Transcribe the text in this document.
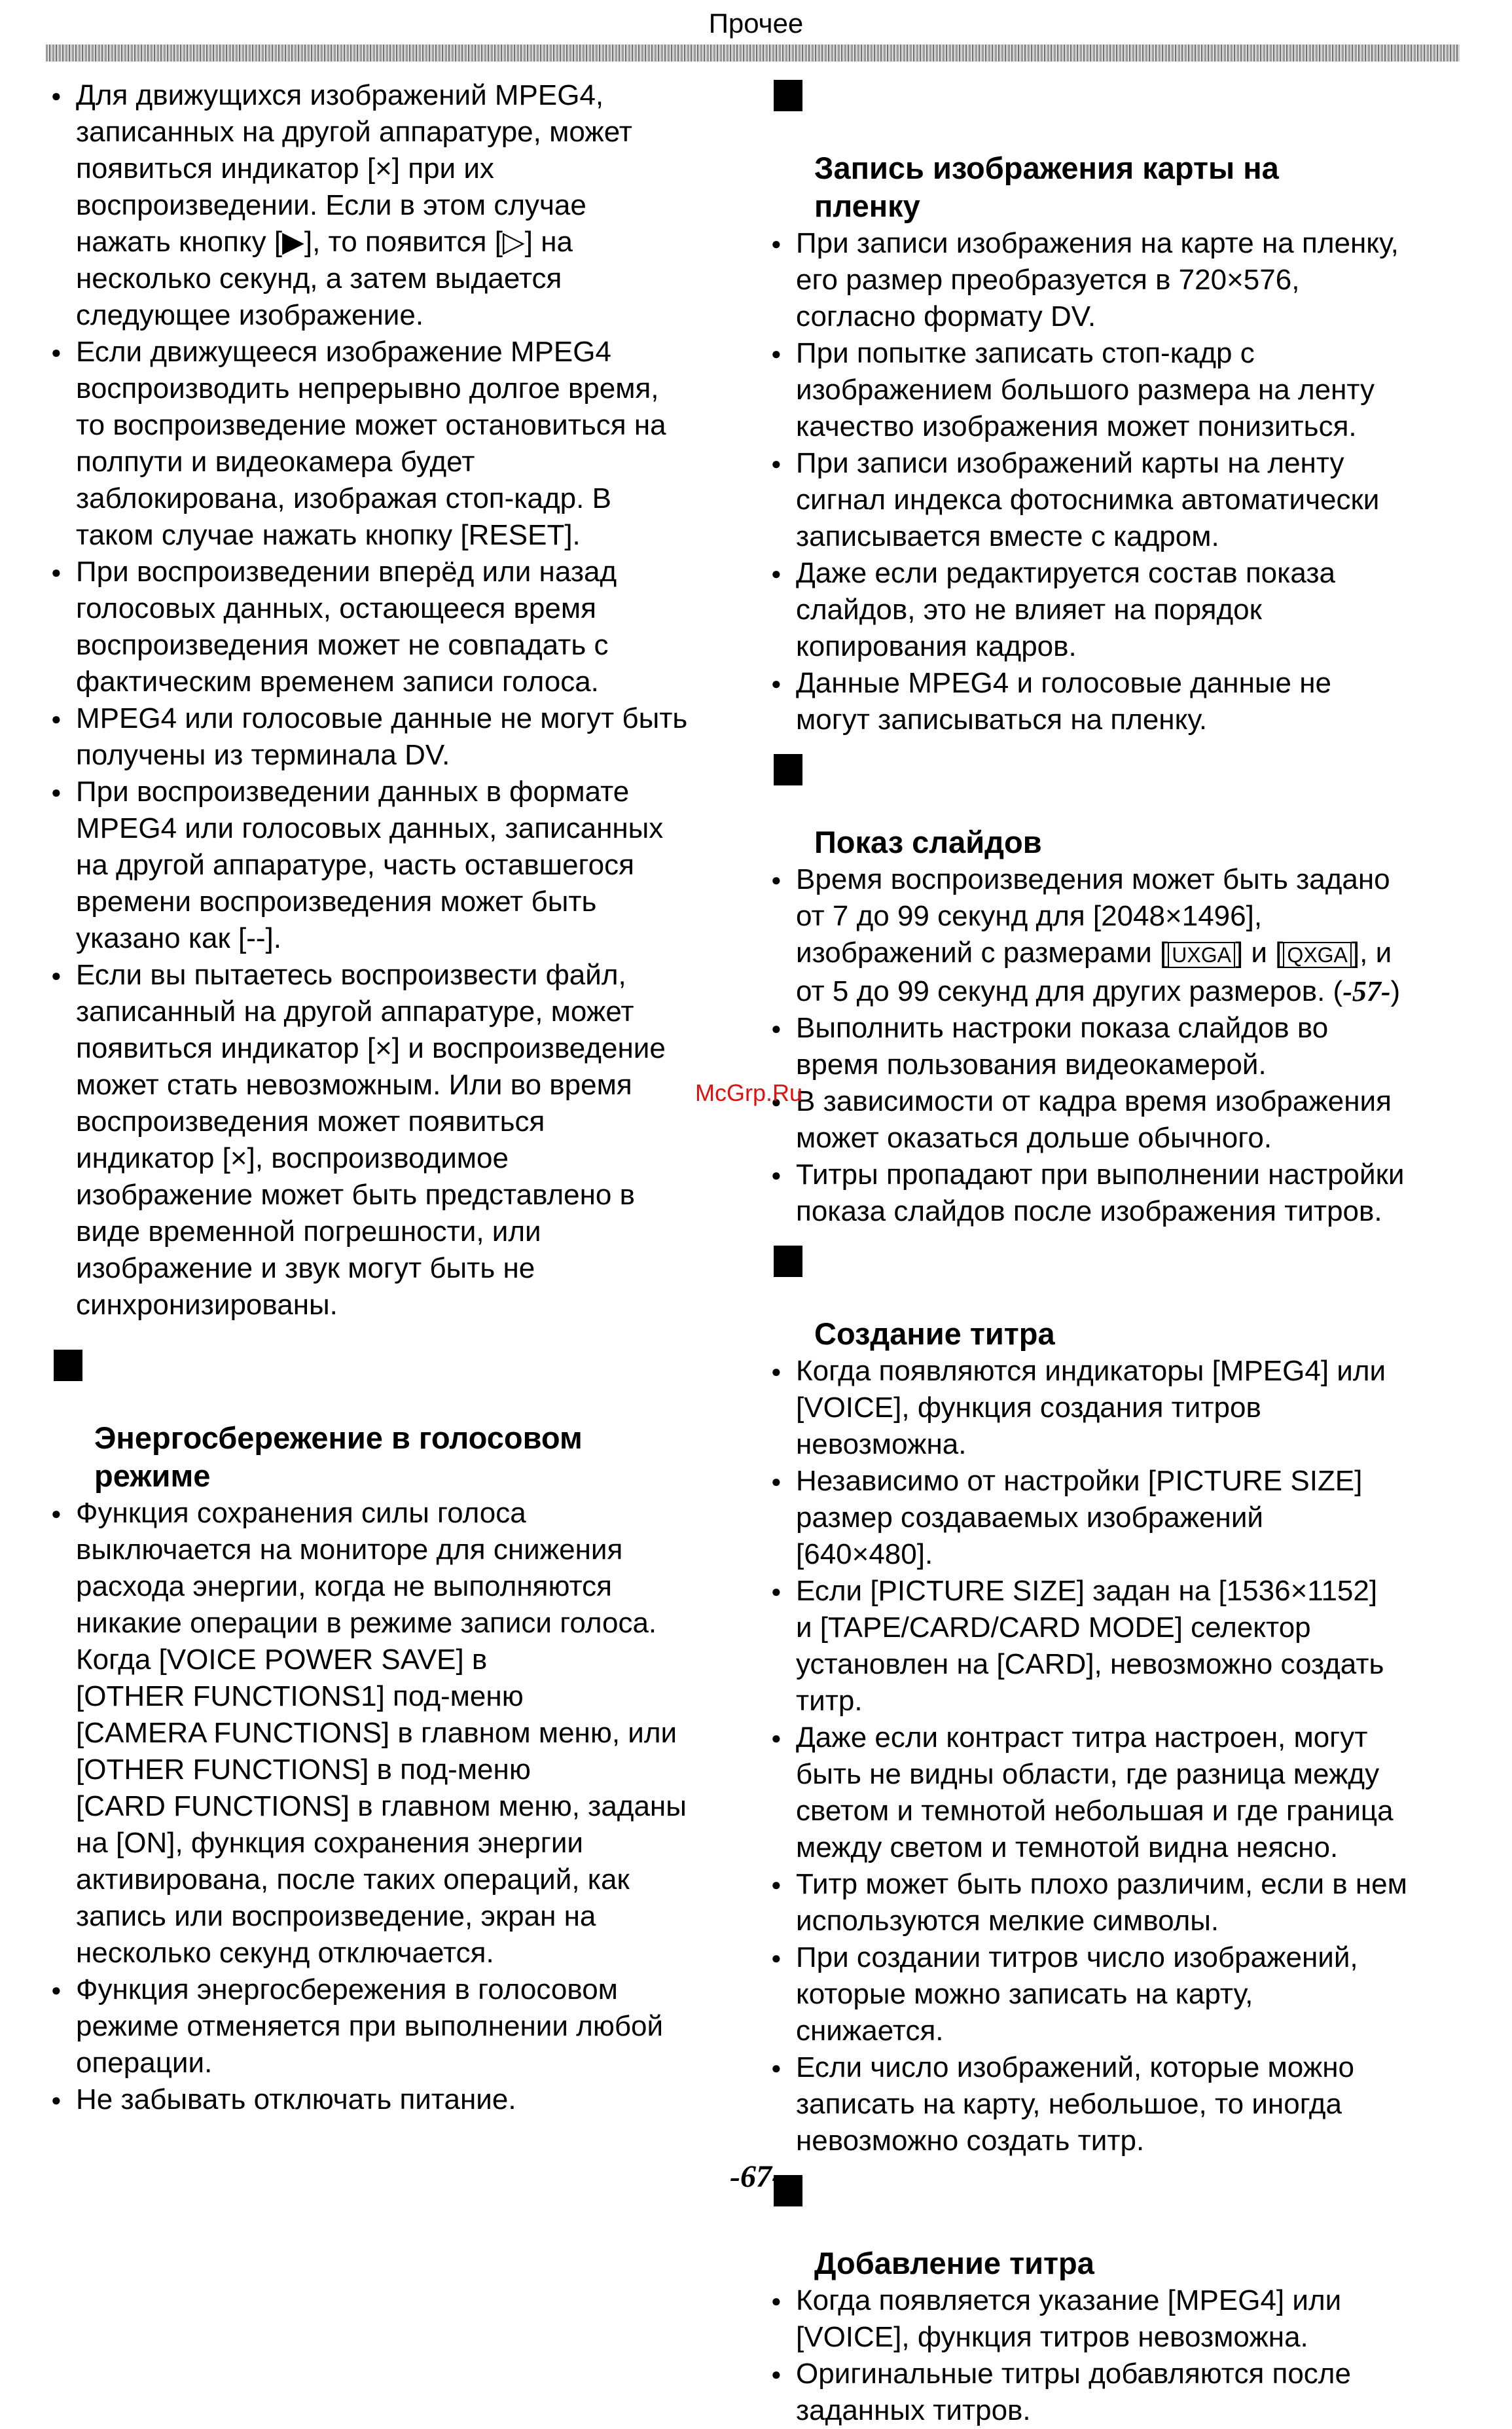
Прочее

● Для движущихся изображений MPEG4,
записанных на другой аппаратуре, может
появиться индикатор [×] при их
воспроизведении. Если в этом случае
нажать кнопку [▶], то появится [▷] на
несколько секунд, а затем выдается
следующее изображение.

● Если движущееся изображение MPEG4
воспроизводить непрерывно долгое время,
то воспроизведение может остановиться на
полпути и видеокамера будет
заблокирована, изображая стоп-кадр. В
таком случае нажать кнопку [RESET].

● При воспроизведении вперёд или назад
голосовых данных, остающееся время
воспроизведения может не совпадать с
фактическим временем записи голоса.

● MPEG4 или голосовые данные не могут быть
получены из терминала DV.

● При воспроизведении данных в формате
MPEG4 или голосовых данных, записанных
на другой аппаратуре, часть оставшегося
времени воспроизведения может быть
указано как [--].

● Если вы пытаетесь воспроизвести файл,
записанный на другой аппаратуре, может
появиться индикатор [×] и воспроизведение
может стать невозможным. Или во время
воспроизведения может появиться
индикатор [×], воспроизводимое
изображение может быть представлено в
виде временной погрешности, или
изображение и звук могут быть не
синхронизированы.

Энергосбережение в голосовом
режиме

● Функция сохранения силы голоса
выключается на мониторе для снижения
расхода энергии, когда не выполняются
никакие операции в режиме записи голоса.
Когда [VOICE POWER SAVE] в
[OTHER FUNCTIONS1] под-меню
[CAMERA FUNCTIONS] в главном меню, или
[OTHER FUNCTIONS] в под-меню
[CARD FUNCTIONS] в главном меню, заданы
на [ON], функция сохранения энергии
активирована, после таких операций, как
запись или воспроизведение, экран на
несколько секунд отключается.

● Функция энергосбережения в голосовом
режиме отменяется при выполнении любой
операции.

● Не забывать отключать питание.

Запись изображения карты на
пленку

● При записи изображения на карте на пленку,
его размер преобразуется в 720×576,
согласно формату DV.

● При попытке записать стоп-кадр с
изображением большого размера на ленту
качество изображения может понизиться.

● При записи изображений карты на ленту
сигнал индекса фотоснимка автоматически
записывается вместе с кадром.

● Даже если редактируется состав показа
слайдов, это не влияет на порядок
копирования кадров.

● Данные MPEG4 и голосовые данные не
могут записываться на пленку.

Показ слайдов

● Время воспроизведения может быть задано
от 7 до 99 секунд для [2048×1496],
изображений с размерами [ UXGA ] и [ QXGA ], и
от 5 до 99 секунд для других размеров. (-57-)

● Выполнить настроки показа слайдов во
время пользования видеокамерой.

● В зависимости от кадра время изображения
может оказаться дольше обычного.

● Титры пропадают при выполнении настройки
показа слайдов после изображения титров.

Создание титра

● Когда появляются индикаторы [MPEG4] или
[VOICE], функция создания титров
невозможна.

● Независимо от настройки [PICTURE SIZE]
размер создаваемых изображений
[640×480].

● Если [PICTURE SIZE] задан на [1536×1152]
и [TAPE/CARD/CARD MODE] селектор
установлен на [CARD], невозможно создать
титр.

● Даже если контраст титра настроен, могут
быть не видны области, где разница между
светом и темнотой небольшая и где граница
между светом и темнотой видна неясно.

● Титр может быть плохо различим, если в нем
используются мелкие символы.

● При создании титров число изображений,
которые можно записать на карту,
снижается.

● Если число изображений, которые можно
записать на карту, небольшое, то иногда
невозможно создать титр.

Добавление титра

● Когда появляется указание [MPEG4] или
[VOICE], функция титров невозможна.

● Оригинальные титры добавляются после
заданных титров.

McGrp.Ru
-67-
